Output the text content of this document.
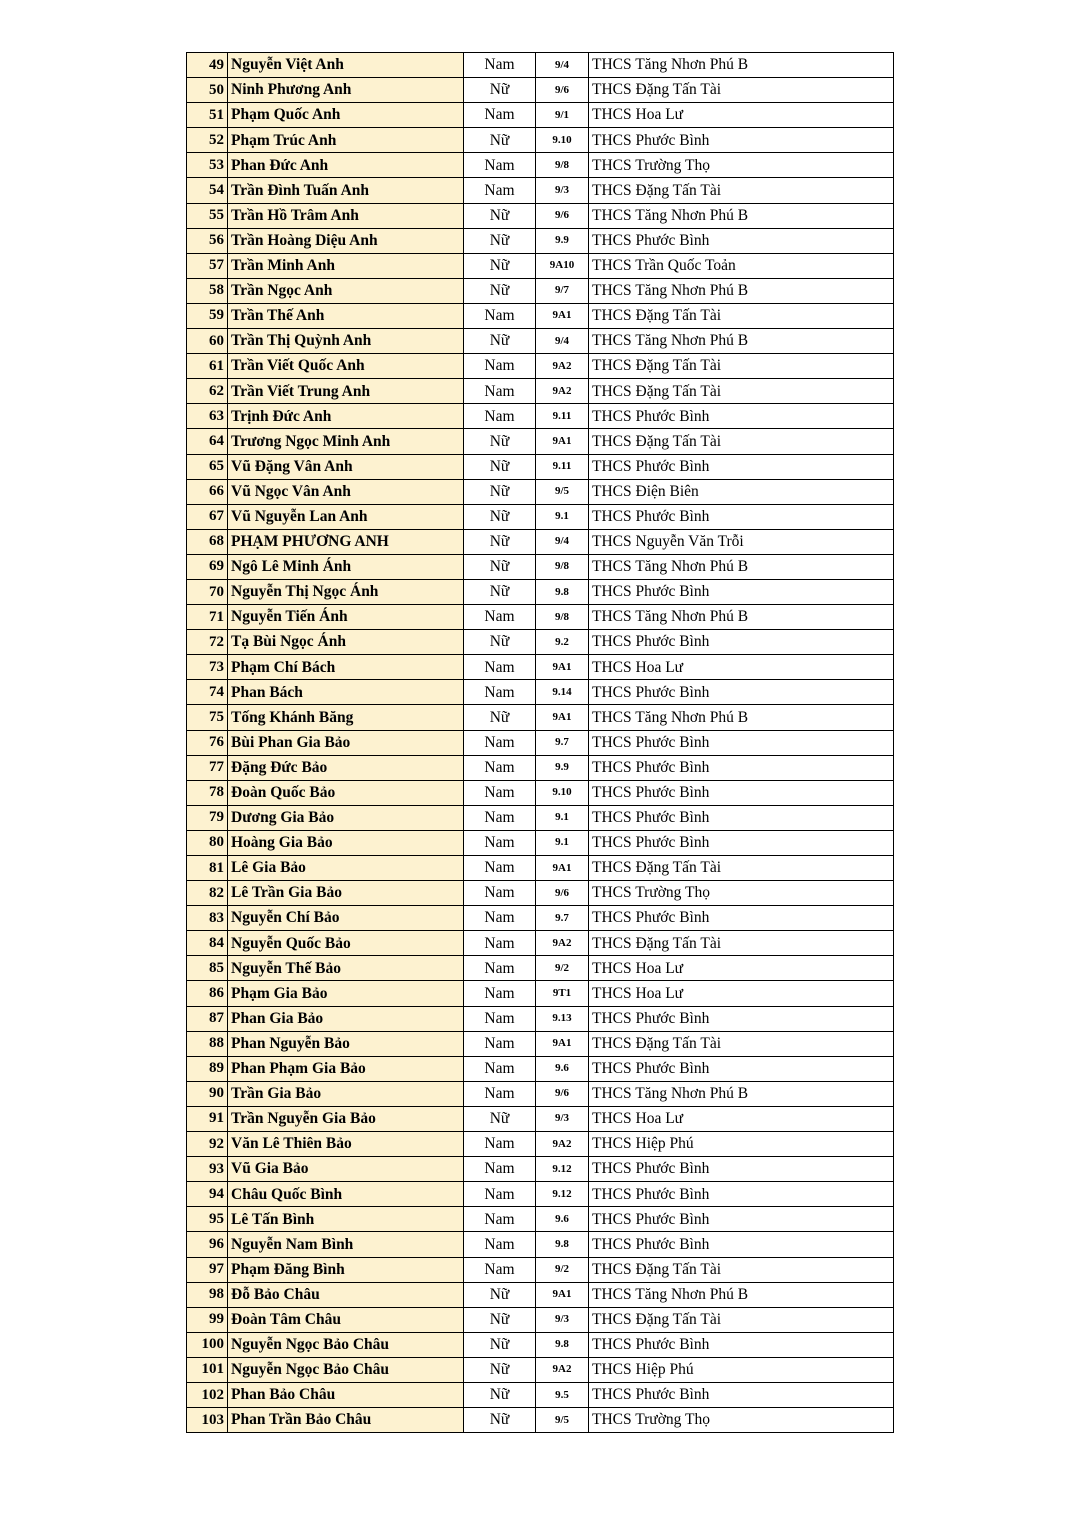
49	Nguyễn Việt Anh	Nam	9/4	THCS Tăng Nhơn Phú B
50	Ninh Phương Anh	Nữ	9/6	THCS Đặng Tấn Tài
51	Phạm Quốc Anh	Nam	9/1	THCS Hoa Lư
52	Phạm Trúc Anh	Nữ	9.10	THCS Phước Bình
53	Phan Đức Anh	Nam	9/8	THCS Trường Thọ
54	Trần Đình Tuấn Anh	Nam	9/3	THCS Đặng Tấn Tài
55	Trần Hồ Trâm Anh	Nữ	9/6	THCS Tăng Nhơn Phú B
56	Trần Hoàng Diệu Anh	Nữ	9.9	THCS Phước Bình
57	Trần Minh Anh	Nữ	9A10	THCS Trần Quốc Toản
58	Trần Ngọc Anh	Nữ	9/7	THCS Tăng Nhơn Phú B
59	Trần Thế Anh	Nam	9A1	THCS Đặng Tấn Tài
60	Trần Thị Quỳnh Anh	Nữ	9/4	THCS Tăng Nhơn Phú B
61	Trần Viết Quốc Anh	Nam	9A2	THCS Đặng Tấn Tài
62	Trần Viết Trung Anh	Nam	9A2	THCS Đặng Tấn Tài
63	Trịnh Đức Anh	Nam	9.11	THCS Phước Bình
64	Trương Ngọc Minh Anh	Nữ	9A1	THCS Đặng Tấn Tài
65	Vũ Đặng Vân Anh	Nữ	9.11	THCS Phước Bình
66	Vũ Ngọc Vân Anh	Nữ	9/5	THCS Điện Biên
67	Vũ Nguyễn Lan Anh	Nữ	9.1	THCS Phước Bình
68	PHẠM PHƯƠNG ANH	Nữ	9/4	THCS Nguyễn Văn Trỗi
69	Ngô Lê Minh Ánh	Nữ	9/8	THCS Tăng Nhơn Phú B
70	Nguyễn Thị Ngọc Ánh	Nữ	9.8	THCS Phước Bình
71	Nguyễn Tiến Ánh	Nam	9/8	THCS Tăng Nhơn Phú B
72	Tạ Bùi Ngọc Ánh	Nữ	9.2	THCS Phước Bình
73	Phạm Chí Bách	Nam	9A1	THCS Hoa Lư
74	Phan Bách	Nam	9.14	THCS Phước Bình
75	Tống Khánh Băng	Nữ	9A1	THCS Tăng Nhơn Phú B
76	Bùi Phan Gia Bảo	Nam	9.7	THCS Phước Bình
77	Đặng Đức Bảo	Nam	9.9	THCS Phước Bình
78	Đoàn Quốc Bảo	Nam	9.10	THCS Phước Bình
79	Dương Gia Bảo	Nam	9.1	THCS Phước Bình
80	Hoàng Gia Bảo	Nam	9.1	THCS Phước Bình
81	Lê Gia Bảo	Nam	9A1	THCS Đặng Tấn Tài
82	Lê Trần Gia Bảo	Nam	9/6	THCS Trường Thọ
83	Nguyễn Chí Bảo	Nam	9.7	THCS Phước Bình
84	Nguyễn Quốc Bảo	Nam	9A2	THCS Đặng Tấn Tài
85	Nguyễn Thế Bảo	Nam	9/2	THCS Hoa Lư
86	Phạm Gia Bảo	Nam	9T1	THCS Hoa Lư
87	Phan Gia Bảo	Nam	9.13	THCS Phước Bình
88	Phan Nguyễn Bảo	Nam	9A1	THCS Đặng Tấn Tài
89	Phan Phạm Gia Bảo	Nam	9.6	THCS Phước Bình
90	Trần Gia Bảo	Nam	9/6	THCS Tăng Nhơn Phú B
91	Trần Nguyễn Gia Bảo	Nữ	9/3	THCS Hoa Lư
92	Văn Lê Thiên Bảo	Nam	9A2	THCS Hiệp Phú
93	Vũ Gia Bảo	Nam	9.12	THCS Phước Bình
94	Châu Quốc Bình	Nam	9.12	THCS Phước Bình
95	Lê Tấn Bình	Nam	9.6	THCS Phước Bình
96	Nguyễn Nam Bình	Nam	9.8	THCS Phước Bình
97	Phạm Đăng Bình	Nam	9/2	THCS Đặng Tấn Tài
98	Đỗ Bảo Châu	Nữ	9A1	THCS Tăng Nhơn Phú B
99	Đoàn Tâm Châu	Nữ	9/3	THCS Đặng Tấn Tài
100	Nguyễn Ngọc Bảo Châu	Nữ	9.8	THCS Phước Bình
101	Nguyễn Ngọc Bảo Châu	Nữ	9A2	THCS Hiệp Phú
102	Phan Bảo Châu	Nữ	9.5	THCS Phước Bình
103	Phan Trần Bảo Châu	Nữ	9/5	THCS Trường Thọ
